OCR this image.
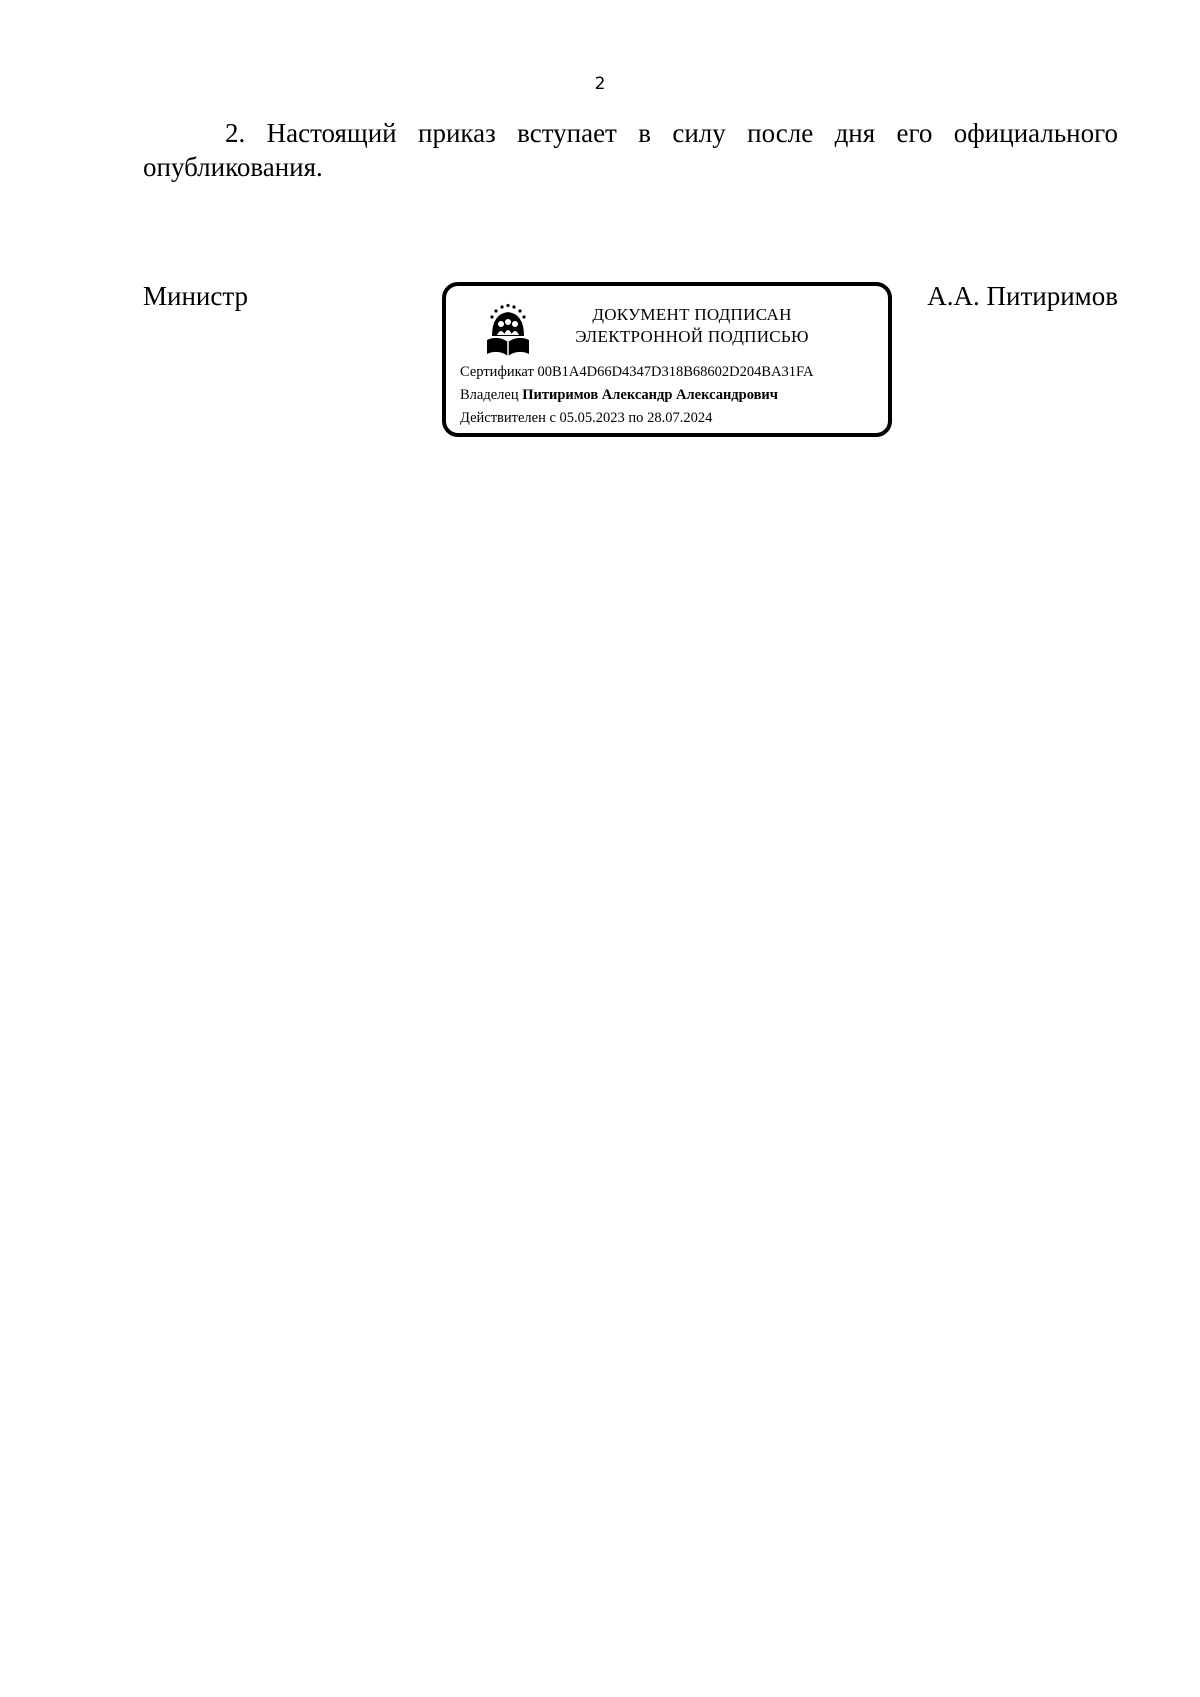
2

2. Настоящий приказ вступает в силу после дня его официального опубликования.

Министр
ДОКУМЕНТ ПОДПИСАН
ЭЛЕКТРОННОЙ ПОДПИСЬЮ
Сертификат 00B1A4D66D4347D318B68602D204BA31FA
Владелец Питиримов Александр Александрович
Действителен с 05.05.2023 по 28.07.2024
А.А. Питиримов
